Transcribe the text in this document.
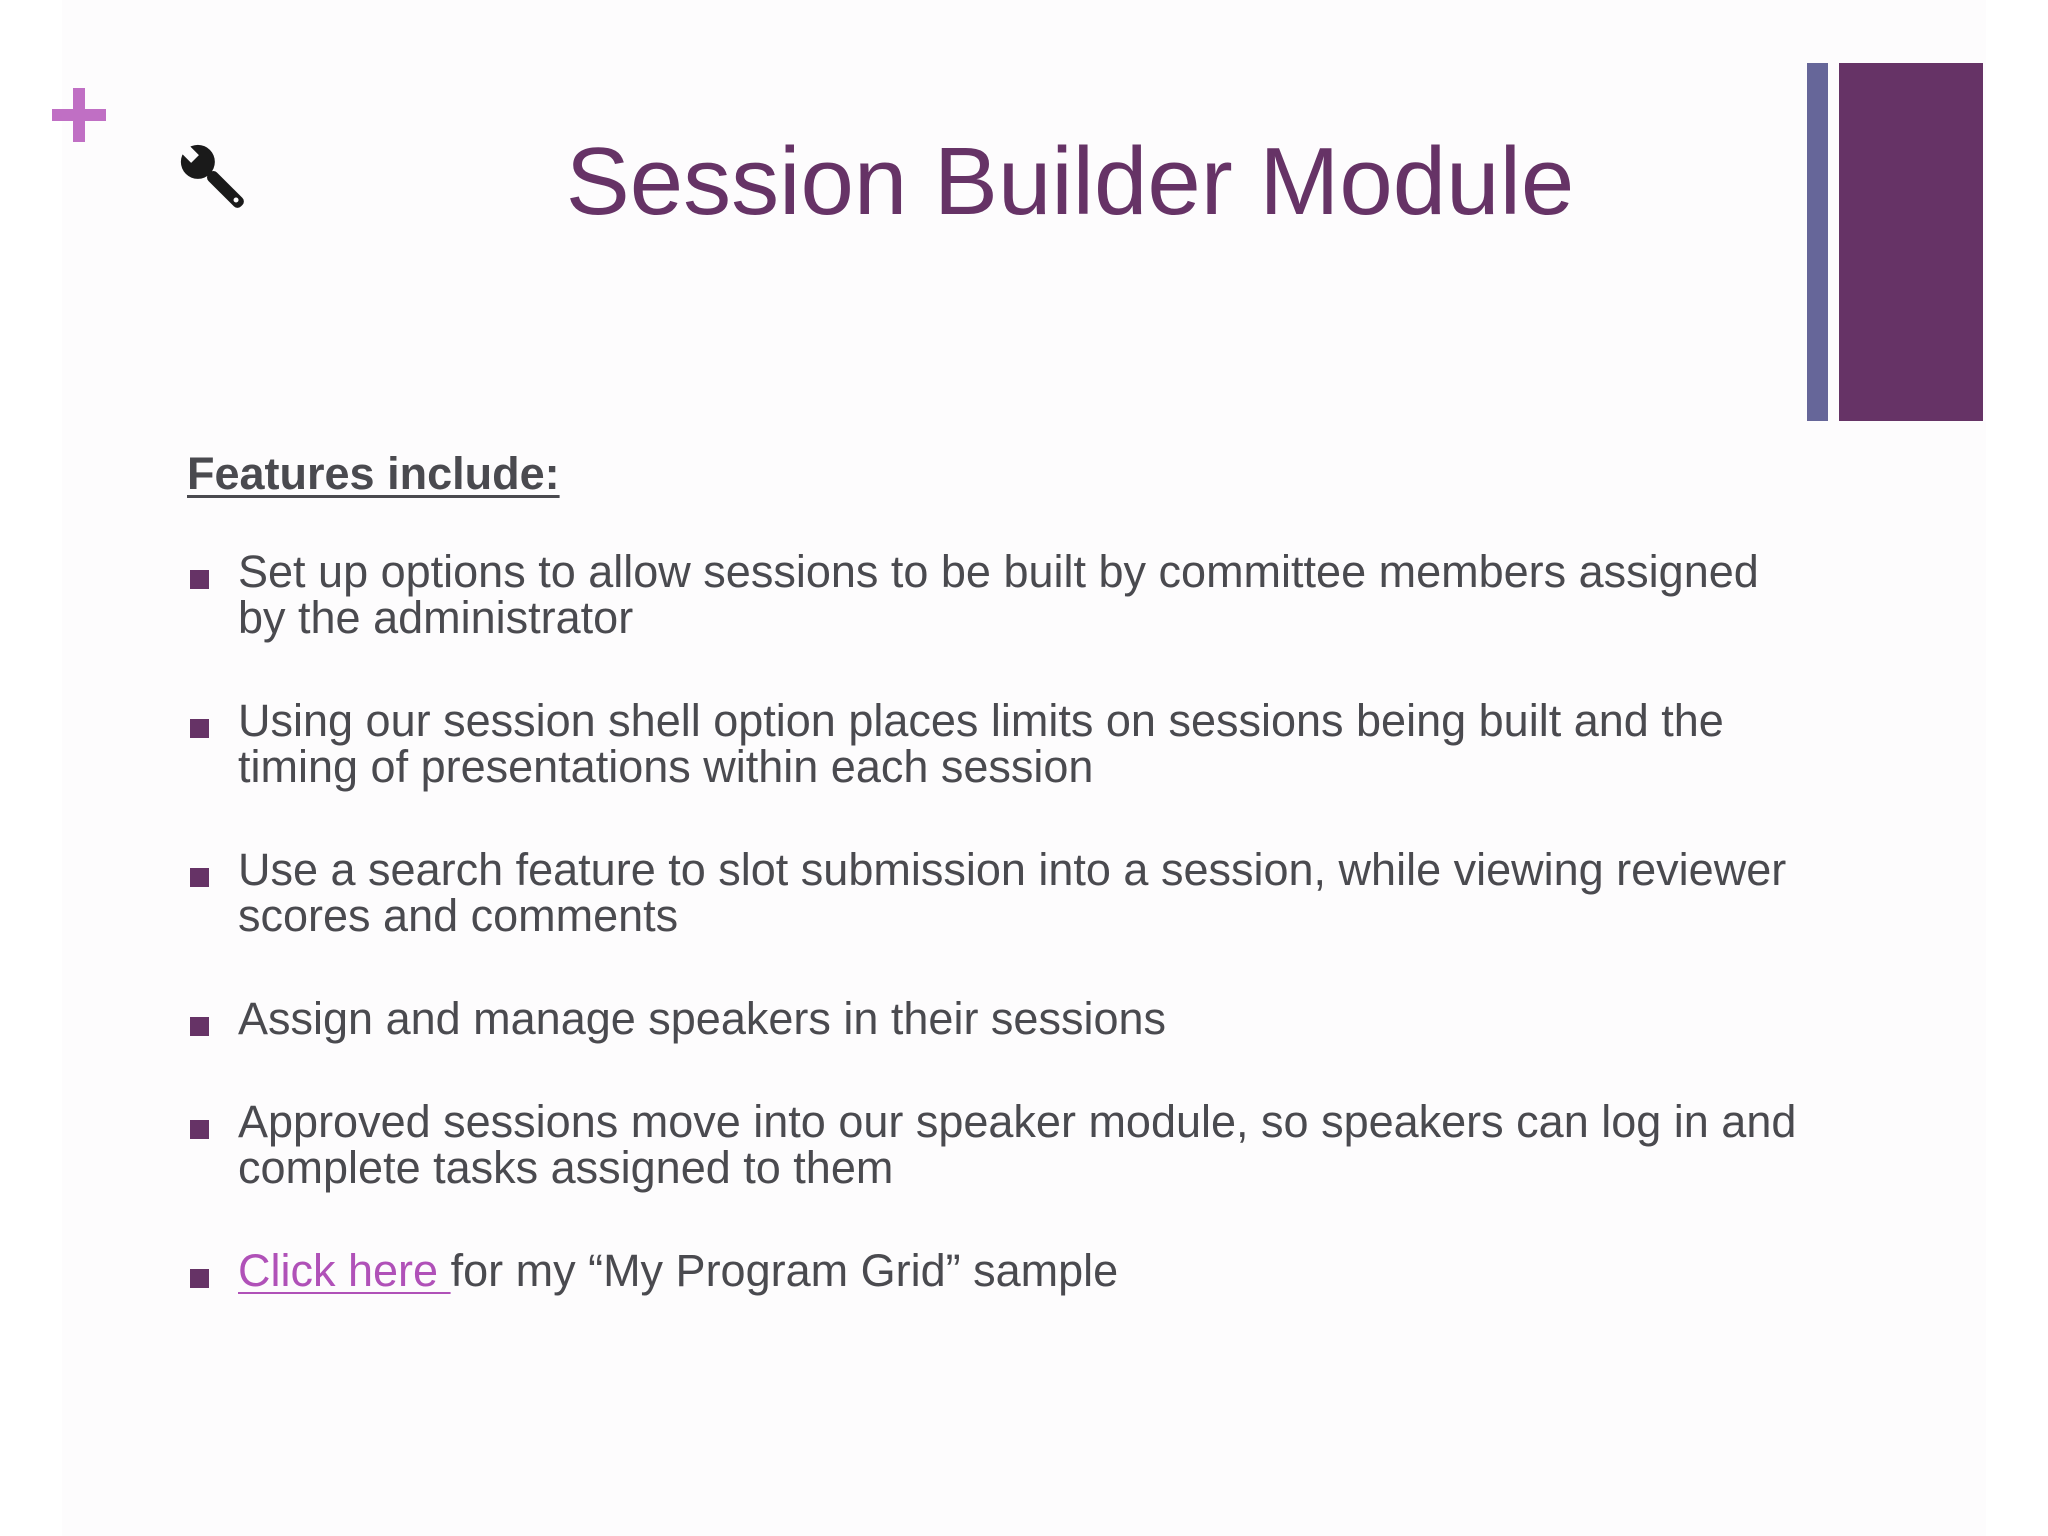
Session Builder Module
Features include:
Set up options to allow sessions to be built by committee members assigned by the administrator
Using our session shell option places limits on sessions being built and the timing of presentations within each session
Use a search feature to slot submission into a session, while viewing reviewer scores and comments
Assign and manage speakers in their sessions
Approved sessions move into our speaker module, so speakers can log in and complete tasks assigned to them
Click here for my “My Program Grid” sample
